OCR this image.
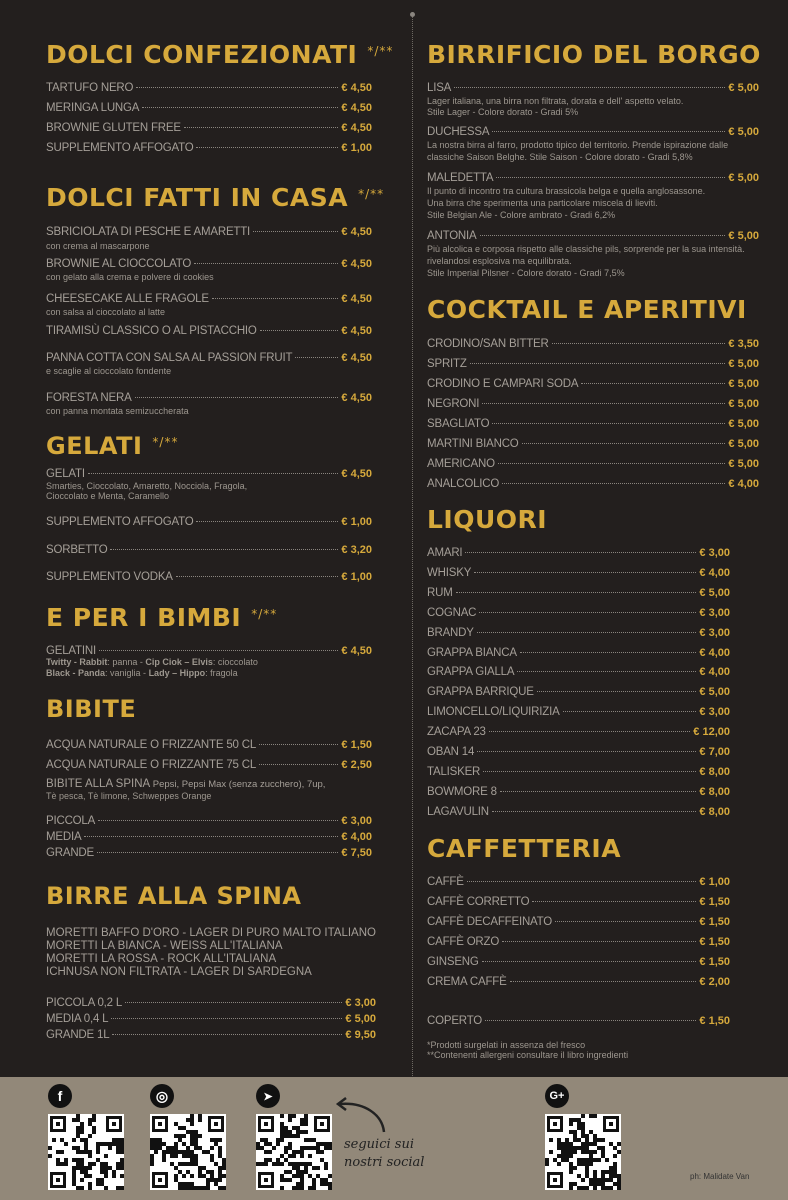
DOLCI CONFEZIONATI */**
TARTUFO NERO	€ 4,50
MERINGA LUNGA	€ 4,50
BROWNIE GLUTEN FREE	€ 4,50
SUPPLEMENTO AFFOGATO	€ 1,00
DOLCI FATTI IN CASA */**
SBRICIOLATA DI PESCHE E AMARETTI	€ 4,50
con crema al mascarpone
BROWNIE AL CIOCCOLATO	€ 4,50
con gelato alla crema e polvere di cookies
CHEESECAKE ALLE FRAGOLE	€ 4,50
con salsa al cioccolato al latte
TIRAMISÙ CLASSICO O AL PISTACCHIO	€ 4,50
PANNA COTTA CON SALSA AL PASSION FRUIT	€ 4,50
e scaglie al cioccolato fondente
FORESTA NERA	€ 4,50
con panna montata semizuccherata
GELATI */**
GELATI	€ 4,50
Smarties, Cioccolato, Amaretto, Nocciola, Fragola,
Cioccolato e Menta, Caramello
SUPPLEMENTO AFFOGATO	€ 1,00
SORBETTO	€ 3,20
SUPPLEMENTO VODKA	€ 1,00
E PER I BIMBI */**
GELATINI	€ 4,50
Twitty - Rabbit: panna - Cip Ciok – Elvis: cioccolato
Black - Panda: vaniglia - Lady – Hippo: fragola
BIBITE
ACQUA NATURALE O FRIZZANTE 50 CL	€ 1,50
ACQUA NATURALE O FRIZZANTE 75 CL	€ 2,50
BIBITE ALLA SPINA Pepsi, Pepsi Max (senza zucchero), 7up,
Tè pesca, Tè limone, Schweppes Orange
PICCOLA	€ 3,00
MEDIA	€ 4,00
GRANDE	€ 7,50
BIRRE ALLA SPINA
MORETTI BAFFO D'ORO - LAGER DI PURO MALTO ITALIANO
MORETTI LA BIANCA - WEISS ALL'ITALIANA
MORETTI LA ROSSA - ROCK ALL'ITALIANA
ICHNUSA NON FILTRATA - LAGER DI SARDEGNA
PICCOLA 0,2 L	€ 3,00
MEDIA 0,4 L	€ 5,00
GRANDE 1L	€ 9,50
BIRRIFICIO DEL BORGO
LISA	€ 5,00
Lager italiana, una birra non filtrata, dorata e dell' aspetto velato.
Stile Lager - Colore dorato - Gradi 5%
DUCHESSA	€ 5,00
La nostra birra al farro, prodotto tipico del territorio. Prende ispirazione dalle
classiche Saison Belghe. Stile Saison - Colore dorato - Gradi 5,8%
MALEDETTA	€ 5,00
Il punto di incontro tra cultura brassicola belga e quella anglosassone.
Una birra che sperimenta una particolare miscela di lieviti.
Stile Belgian Ale - Colore ambrato - Gradi 6,2%
ANTONIA	€ 5,00
Più alcolica e corposa rispetto alle classiche pils, sorprende per la sua intensità.
rivelandosi esplosiva ma equilibrata.
Stile Imperial Pilsner - Colore dorato - Gradi 7,5%
COCKTAIL E APERITIVI
CRODINO/SAN BITTER	€ 3,50
SPRITZ	€ 5,00
CRODINO E CAMPARI SODA	€ 5,00
NEGRONI	€ 5,00
SBAGLIATO	€ 5,00
MARTINI BIANCO	€ 5,00
AMERICANO	€ 5,00
ANALCOLICO	€ 4,00
LIQUORI
AMARI	€ 3,00
WHISKY	€ 4,00
RUM	€ 5,00
COGNAC	€ 3,00
BRANDY	€ 3,00
GRAPPA BIANCA	€ 4,00
GRAPPA GIALLA	€ 4,00
GRAPPA BARRIQUE	€ 5,00
LIMONCELLO/LIQUIRIZIA	€ 3,00
ZACAPA 23	€ 12,00
OBAN 14	€ 7,00
TALISKER	€ 8,00
BOWMORE 8	€ 8,00
LAGAVULIN	€ 8,00
CAFFETTERIA
CAFFÈ	€ 1,00
CAFFÈ CORRETTO	€ 1,50
CAFFÈ DECAFFEINATO	€ 1,50
CAFFÈ ORZO	€ 1,50
GINSENG	€ 1,50
CREMA CAFFÈ	€ 2,00
COPERTO	€ 1,50
*Prodotti surgelati in assenza del fresco
**Contenenti allergeni consultare il libro ingredienti
f	◎	➤	G+
seguici sui
nostri social
ph: Malidate Van
